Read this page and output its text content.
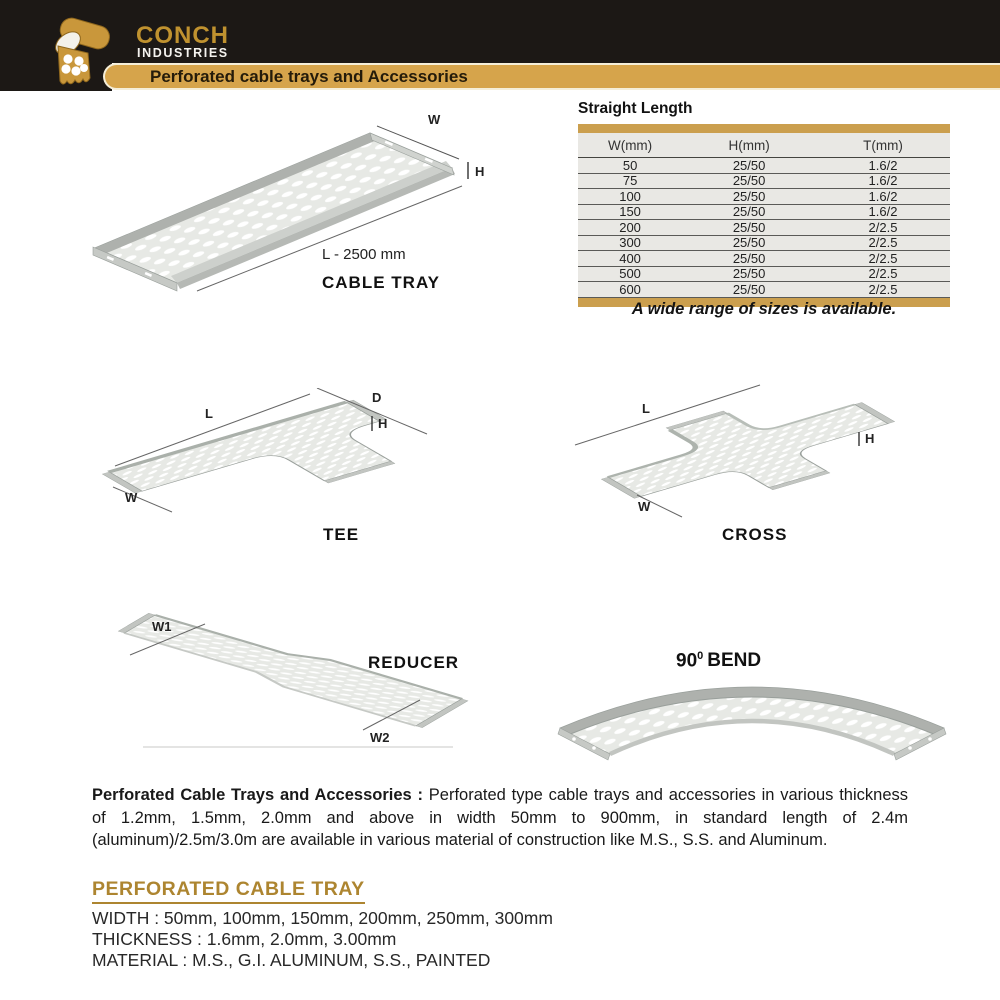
CONCH
INDUSTRIES
Perforated cable trays and Accessories
Straight Length
W(mm)	H(mm)	T(mm)
50	25/50	1.6/2
75	25/50	1.6/2
100	25/50	1.6/2
150	25/50	1.6/2
200	25/50	2/2.5
300	25/50	2/2.5
400	25/50	2/2.5
500	25/50	2/2.5
600	25/50	2/2.5
A wide range of sizes is available.
W
H
L - 2500 mm
CABLE TRAY
L
D
H
W
TEE
L
H
W
CROSS
W1
W2
REDUCER	$90^0$ BEND
Perforated Cable Trays and Accessories : Perforated type cable trays and accessories in various thickness of 1.2mm, 1.5mm, 2.0mm and above in width 50mm to 900mm, in standard length of 2.4m (aluminum)/2.5m/3.0m are available in various material of construction like M.S., S.S. and Aluminum.
PERFORATED CABLE TRAY
WIDTH : 50mm, 100mm, 150mm, 200mm, 250mm, 300mm
THICKNESS : 1.6mm, 2.0mm, 3.00mm
MATERIAL : M.S., G.I. ALUMINUM, S.S., PAINTED
